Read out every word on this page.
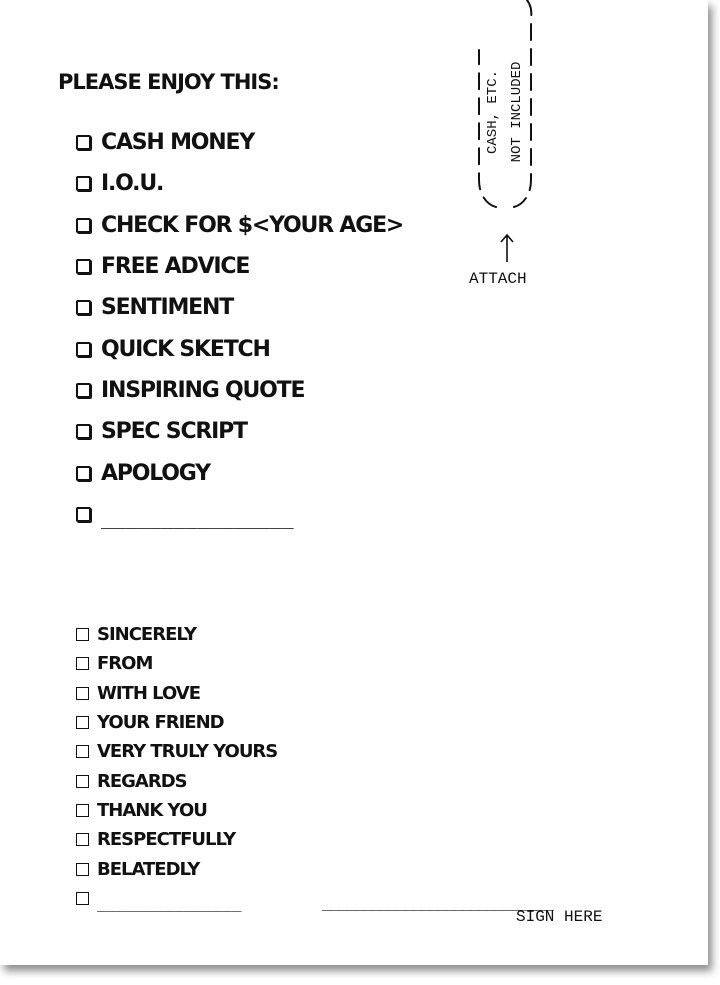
PLEASE ENJOY THIS:
CASH MONEY
I.O.U.
CHECK FOR $<YOUR AGE>
FREE ADVICE
SENTIMENT
QUICK SKETCH
INSPIRING QUOTE
SPEC SCRIPT
APOLOGY
________________
CASH, ETC. NOT INCLUDED
ATTACH
SINCERELY
FROM
WITH LOVE
YOUR FRIEND
VERY TRULY YOURS
REGARDS
THANK YOU
RESPECTFULLY
BELATEDLY
_______________	____________________________
SIGN HERE
